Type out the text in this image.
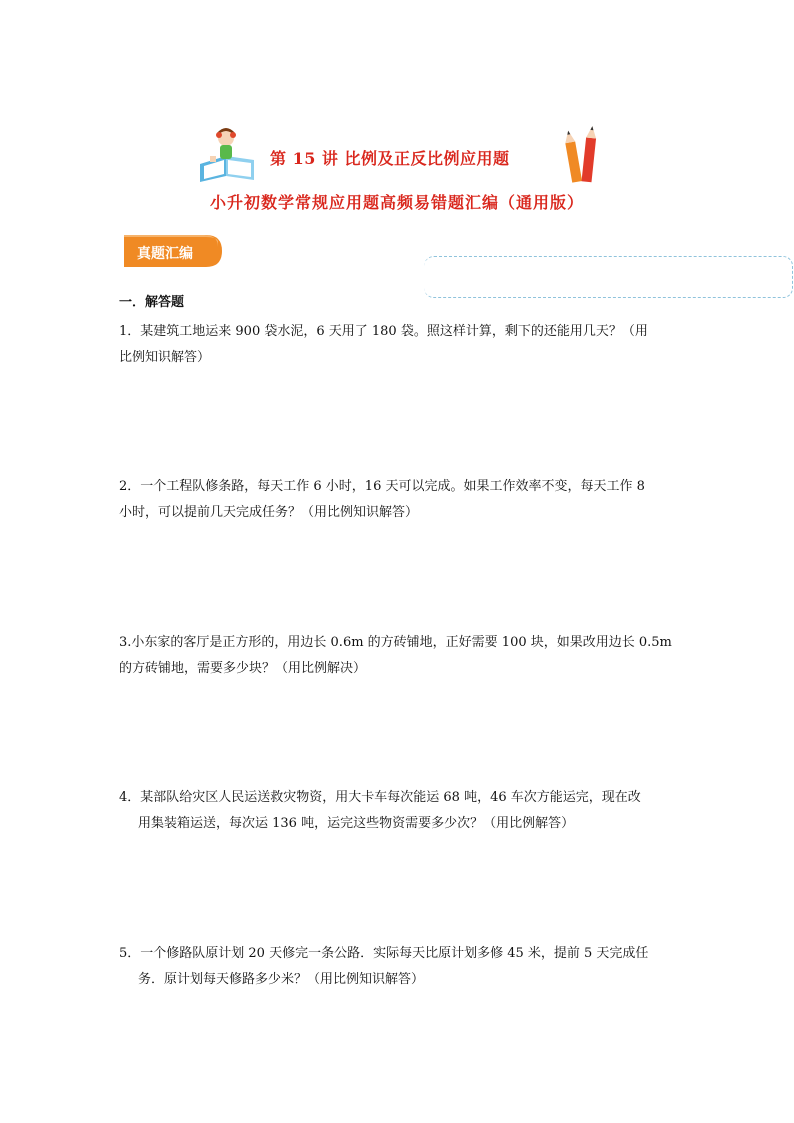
第 15 讲 比例及正反比例应用题
小升初数学常规应用题高频易错题汇编（通用版）
真题汇编
一．解答题
1．某建筑工地运来 900 袋水泥，6 天用了 180 袋。照这样计算，剩下的还能用几天？（用
比例知识解答）
2．一个工程队修条路，每天工作 6 小时，16 天可以完成。如果工作效率不变，每天工作 8
小时，可以提前几天完成任务？（用比例知识解答）
3.小东家的客厅是正方形的，用边长 0.6m 的方砖铺地，正好需要 100 块，如果改用边长 0.5m
的方砖铺地，需要多少块？（用比例解决）
4．某部队给灾区人民运送救灾物资，用大卡车每次能运 68 吨，46 车次方能运完，现在改
用集装箱运送，每次运 136 吨，运完这些物资需要多少次？（用比例解答）
5．一个修路队原计划 20 天修完一条公路．实际每天比原计划多修 45 米，提前 5 天完成任
务．原计划每天修路多少米？（用比例知识解答）
